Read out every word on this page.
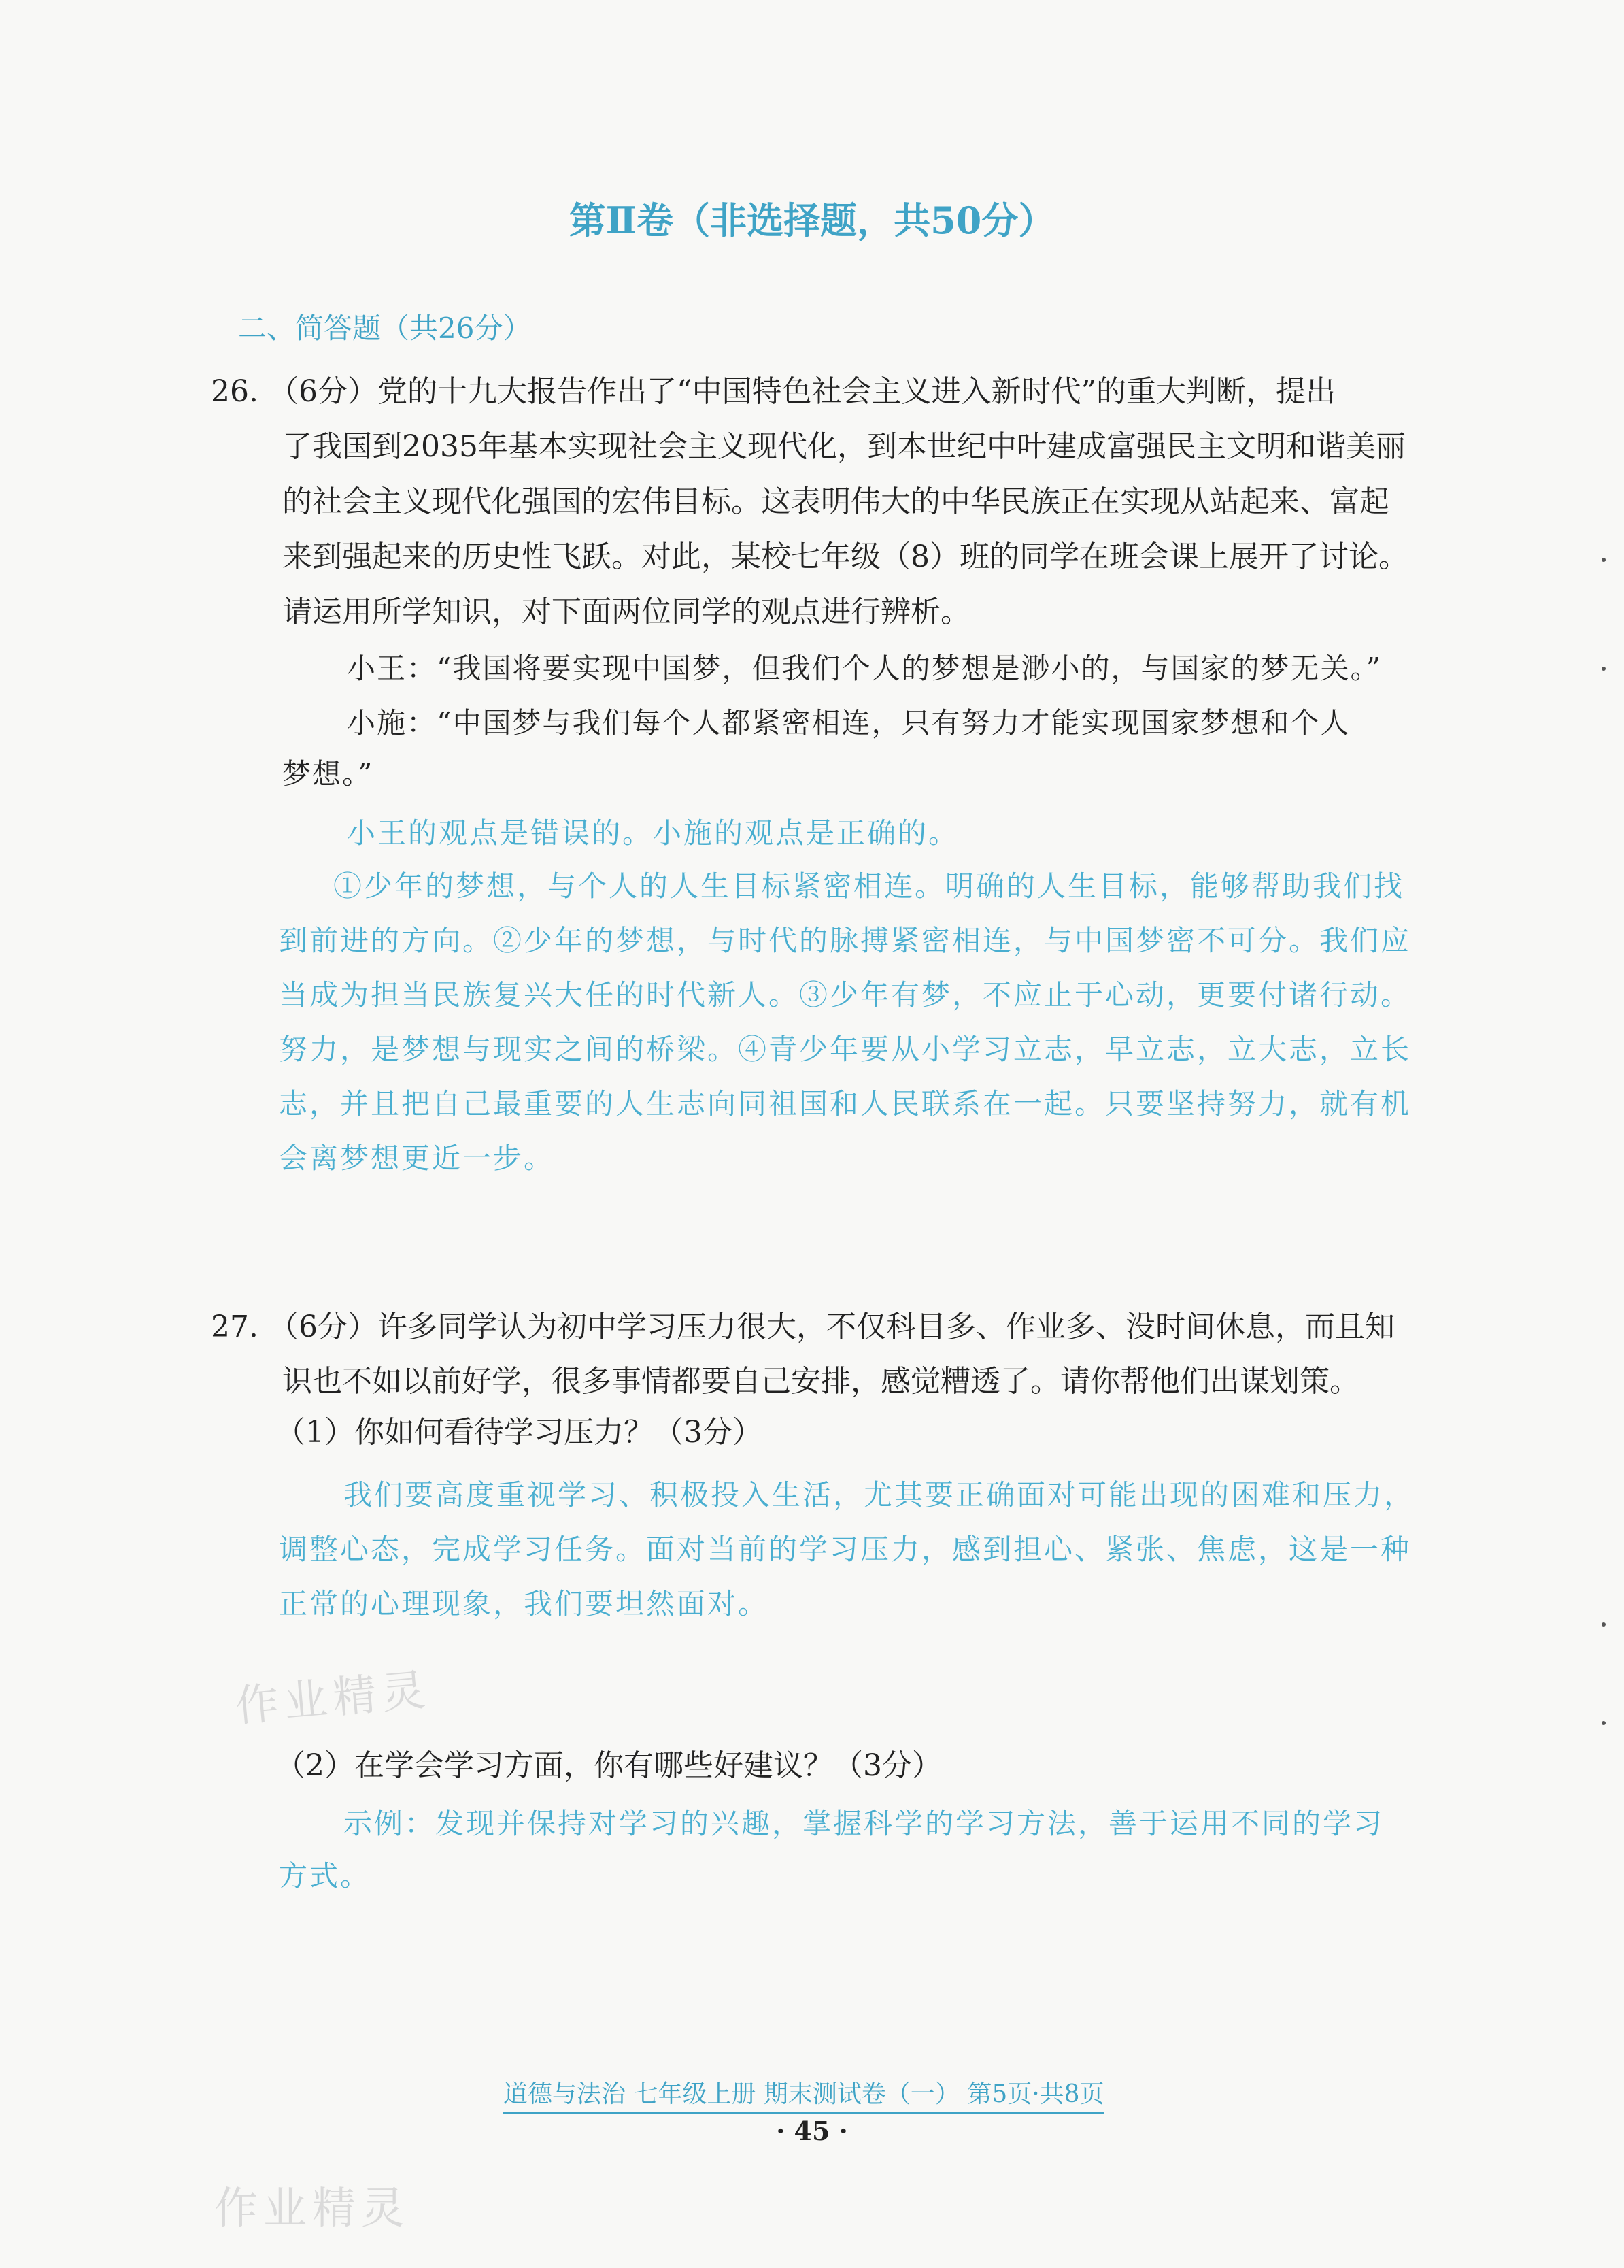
第Ⅱ卷（非选择题，共50分）
二、简答题（共26分）
26. （6分）党的十九大报告作出了“中国特色社会主义进入新时代”的重大判断，提出
了我国到2035年基本实现社会主义现代化，到本世纪中叶建成富强民主文明和谐美丽
的社会主义现代化强国的宏伟目标。这表明伟大的中华民族正在实现从站起来、富起
来到强起来的历史性飞跃。对此，某校七年级（8）班的同学在班会课上展开了讨论。
请运用所学知识，对下面两位同学的观点进行辨析。
小王：“我国将要实现中国梦，但我们个人的梦想是渺小的，与国家的梦无关。”
小施：“中国梦与我们每个人都紧密相连，只有努力才能实现国家梦想和个人
梦想。”
小王的观点是错误的。小施的观点是正确的。
①少年的梦想，与个人的人生目标紧密相连。明确的人生目标，能够帮助我们找
到前进的方向。②少年的梦想，与时代的脉搏紧密相连，与中国梦密不可分。我们应
当成为担当民族复兴大任的时代新人。③少年有梦，不应止于心动，更要付诸行动。
努力，是梦想与现实之间的桥梁。④青少年要从小学习立志，早立志，立大志，立长
志，并且把自己最重要的人生志向同祖国和人民联系在一起。只要坚持努力，就有机
会离梦想更近一步。
27. （6分）许多同学认为初中学习压力很大，不仅科目多、作业多、没时间休息，而且知
识也不如以前好学，很多事情都要自己安排，感觉糟透了。请你帮他们出谋划策。
（1）你如何看待学习压力？（3分）
我们要高度重视学习、积极投入生活，尤其要正确面对可能出现的困难和压力，
调整心态，完成学习任务。面对当前的学习压力，感到担心、紧张、焦虑，这是一种
正常的心理现象，我们要坦然面对。
（2）在学会学习方面，你有哪些好建议？（3分）
示例：发现并保持对学习的兴趣，掌握科学的学习方法，善于运用不同的学习
方式。
作业精灵
作业精灵
道德与法治 七年级上册 期末测试卷（一） 第5页·共8页
· 45 ·
